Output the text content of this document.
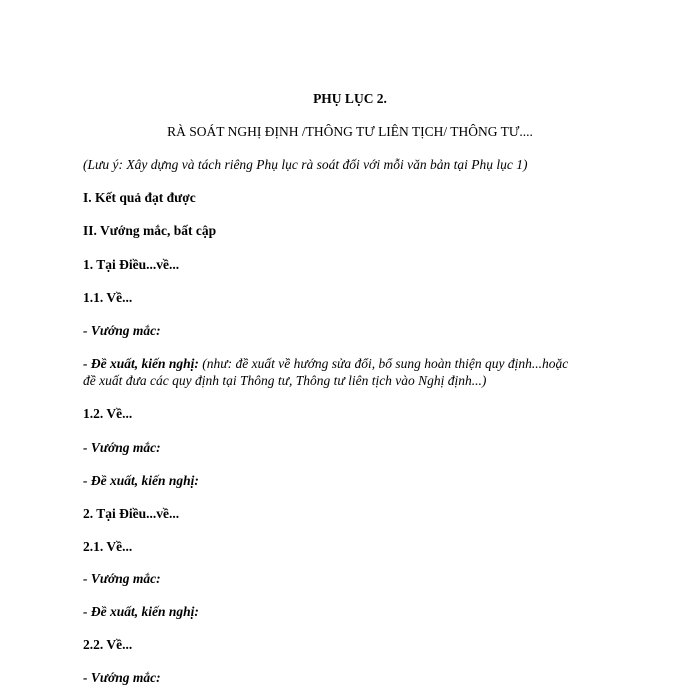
PHỤ LỤC 2.
RÀ SOÁT NGHỊ ĐỊNH /THÔNG TƯ LIÊN TỊCH/ THÔNG TƯ....
(Lưu ý: Xây dựng và tách riêng Phụ lục rà soát đối với mỗi văn bản tại Phụ lục 1)
I. Kết quả đạt được
II. Vướng mắc, bất cập
1. Tại Điều...về...
1.1. Về...
- Vướng mắc:
- Đề xuất, kiến nghị: (như: đề xuất về hướng sửa đổi, bổ sung hoàn thiện quy định...hoặc
đề xuất đưa các quy định tại Thông tư, Thông tư liên tịch vào Nghị định...)
1.2. Về...
- Vướng mắc:
- Đề xuất, kiến nghị:
2. Tại Điều...về...
2.1. Về...
- Vướng mắc:
- Đề xuất, kiến nghị:
2.2. Về...
- Vướng mắc:
